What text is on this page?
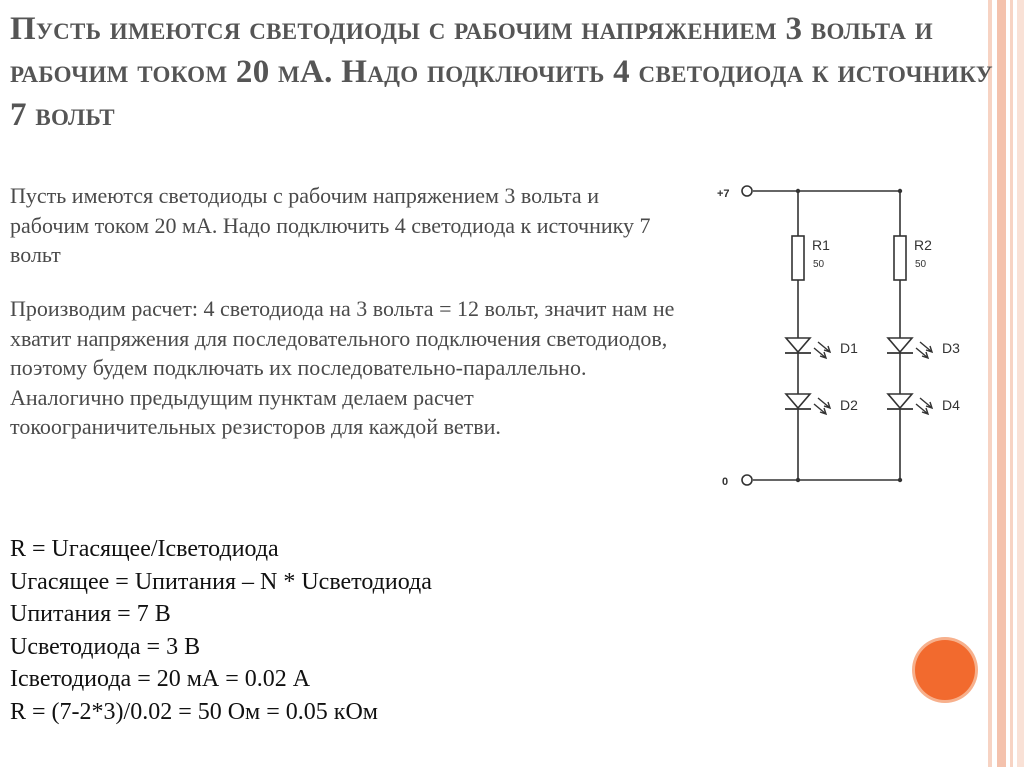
Пусть имеются светодиоды с рабочим напряжением 3 вольта и рабочим током 20 мА. Надо подключить 4 светодиода к источнику 7 вольт
Пусть имеются светодиоды с рабочим напряжением 3 вольта и рабочим током 20 мА. Надо подключить 4 светодиода к источнику 7 вольт
Производим расчет: 4 светодиода на 3 вольта = 12 вольт, значит нам не хватит напряжения для последовательного подключения светодиодов, поэтому будем подключать их последовательно-параллельно. Аналогично предыдущим пунктам делаем расчет токоограничительных резисторов для каждой ветви.
R = Uгасящее/Iсветодиода
Uгасящее = Uпитания – N * Uсветодиода
Uпитания = 7 В
Uсветодиода = 3 В
Iсветодиода = 20 мА = 0.02 А
R = (7-2*3)/0.02 = 50 Ом = 0.05 кОм
+7
0
R1
50
R2
50
D1
D2
D3
D4
